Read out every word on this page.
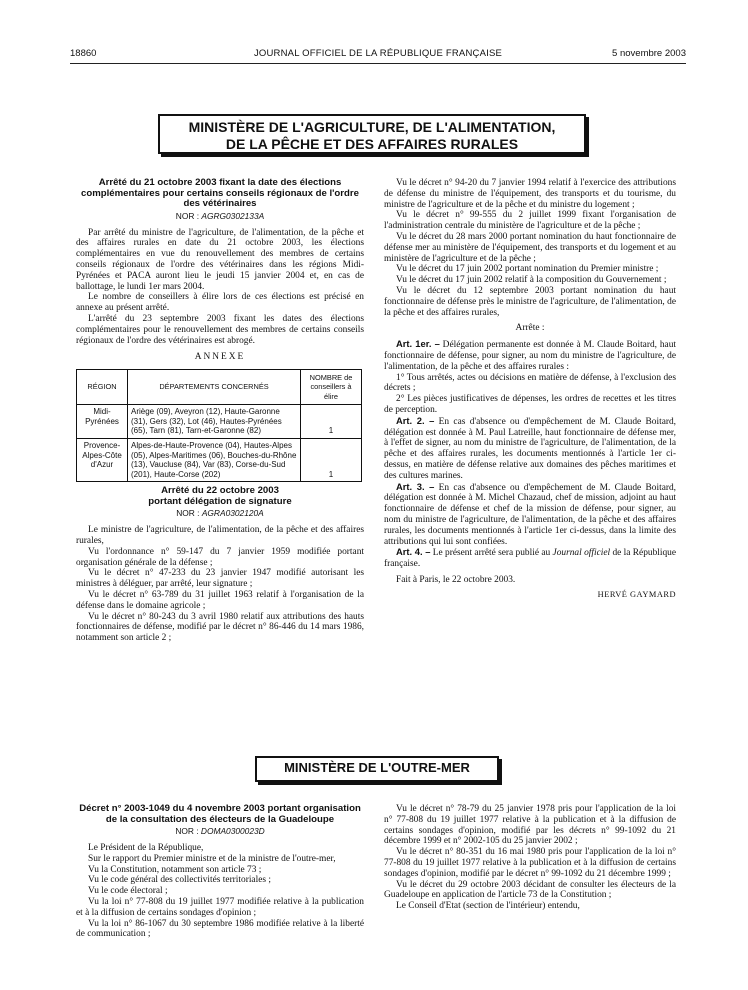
JOURNAL OFFICIEL DE LA RÉPUBLIQUE FRANÇAISE
18860	5 novembre 2003
MINISTÈRE DE L'AGRICULTURE, DE L'ALIMENTATION,
DE LA PÊCHE ET DES AFFAIRES RURALES

Arrêté du 21 octobre 2003 fixant la date des élections complémentaires pour certains conseils régionaux de l'ordre des vétérinaires

NOR : AGRG0302133A

Par arrêté du ministre de l'agriculture, de l'alimentation, de la pêche et des affaires rurales en date du 21 octobre 2003, les élections complémentaires en vue du renouvellement des membres de certains conseils régionaux de l'ordre des vétérinaires dans les régions Midi-Pyrénées et PACA auront lieu le jeudi 15 janvier 2004 et, en cas de ballottage, le lundi 1er mars 2004.

Le nombre de conseillers à élire lors de ces élections est précisé en annexe au présent arrêté.

L'arrêté du 23 septembre 2003 fixant les dates des élections complémentaires pour le renouvellement des membres de certains conseils régionaux de l'ordre des vétérinaires est abrogé.

ANNEXE

RÉGION	DÉPARTEMENTS CONCERNÉS	NOMBRE de conseillers à élire
Midi-Pyrénées	Ariège (09), Aveyron (12), Haute-Garonne (31), Gers (32), Lot (46), Hautes-Pyrénées (65), Tarn (81), Tarn-et-Garonne (82)	1
Provence-Alpes-Côte d'Azur	Alpes-de-Haute-Provence (04), Hautes-Alpes (05), Alpes-Maritimes (06), Bouches-du-Rhône (13), Vaucluse (84), Var (83), Corse-du-Sud (201), Haute-Corse (202)	1

Arrêté du 22 octobre 2003

portant délégation de signature

NOR : AGRA0302120A

Le ministre de l'agriculture, de l'alimentation, de la pêche et des affaires rurales,

Vu l'ordonnance n° 59-147 du 7 janvier 1959 modifiée portant organisation générale de la défense ;

Vu le décret n° 47-233 du 23 janvier 1947 modifié autorisant les ministres à déléguer, par arrêté, leur signature ;

Vu le décret n° 63-789 du 31 juillet 1963 relatif à l'organisation de la défense dans le domaine agricole ;

Vu le décret n° 80-243 du 3 avril 1980 relatif aux attributions des hauts fonctionnaires de défense, modifié par le décret n° 86-446 du 14 mars 1986, notamment son article 2 ;

Vu le décret n° 94-20 du 7 janvier 1994 relatif à l'exercice des attributions de défense du ministre de l'équipement, des transports et du tourisme, du ministre de l'agriculture et de la pêche et du ministre du logement ;

Vu le décret n° 99-555 du 2 juillet 1999 fixant l'organisation de l'administration centrale du ministère de l'agriculture et de la pêche ;

Vu le décret du 28 mars 2000 portant nomination du haut fonctionnaire de défense mer au ministère de l'équipement, des transports et du logement et au ministère de l'agriculture et de la pêche ;

Vu le décret du 17 juin 2002 portant nomination du Premier ministre ;

Vu le décret du 17 juin 2002 relatif à la composition du Gouvernement ;

Vu le décret du 12 septembre 2003 portant nomination du haut fonctionnaire de défense près le ministre de l'agriculture, de l'alimentation, de la pêche et des affaires rurales,

Arrête :

Art. 1er. – Délégation permanente est donnée à M. Claude Boitard, haut fonctionnaire de défense, pour signer, au nom du ministre de l'agriculture, de l'alimentation, de la pêche et des affaires rurales :

1° Tous arrêtés, actes ou décisions en matière de défense, à l'exclusion des décrets ;

2° Les pièces justificatives de dépenses, les ordres de recettes et les titres de perception.

Art. 2. – En cas d'absence ou d'empêchement de M. Claude Boitard, délégation est donnée à M. Paul Latreille, haut fonctionnaire de défense mer, à l'effet de signer, au nom du ministre de l'agriculture, de l'alimentation, de la pêche et des affaires rurales, les documents mentionnés à l'article 1er ci-dessus, en matière de défense relative aux domaines des pêches maritimes et des cultures marines.

Art. 3. – En cas d'absence ou d'empêchement de M. Claude Boitard, délégation est donnée à M. Michel Chazaud, chef de mission, adjoint au haut fonctionnaire de défense et chef de la mission de défense, pour signer, au nom du ministre de l'agriculture, de l'alimentation, de la pêche et des affaires rurales, les documents mentionnés à l'article 1er ci-dessus, dans la limite des attributions qui lui sont confiées.

Art. 4. – Le présent arrêté sera publié au Journal officiel de la République française.

Fait à Paris, le 22 octobre 2003.

HERVÉ GAYMARD

MINISTÈRE DE L'OUTRE-MER

Décret n° 2003-1049 du 4 novembre 2003 portant organisation de la consultation des électeurs de la Guadeloupe

NOR : DOMA0300023D

Le Président de la République,

Sur le rapport du Premier ministre et de la ministre de l'outre-mer,

Vu la Constitution, notamment son article 73 ;

Vu le code général des collectivités territoriales ;

Vu le code électoral ;

Vu la loi n° 77-808 du 19 juillet 1977 modifiée relative à la publication et à la diffusion de certains sondages d'opinion ;

Vu la loi n° 86-1067 du 30 septembre 1986 modifiée relative à la liberté de communication ;

Vu le décret n° 78-79 du 25 janvier 1978 pris pour l'application de la loi n° 77-808 du 19 juillet 1977 relative à la publication et à la diffusion de certains sondages d'opinion, modifié par les décrets n° 99-1092 du 21 décembre 1999 et n° 2002-105 du 25 janvier 2002 ;

Vu le décret n° 80-351 du 16 mai 1980 pris pour l'application de la loi n° 77-808 du 19 juillet 1977 relative à la publication et à la diffusion de certains sondages d'opinion, modifié par le décret n° 99-1092 du 21 décembre 1999 ;

Vu le décret du 29 octobre 2003 décidant de consulter les électeurs de la Guadeloupe en application de l'article 73 de la Constitution ;

Le Conseil d'Etat (section de l'intérieur) entendu,
